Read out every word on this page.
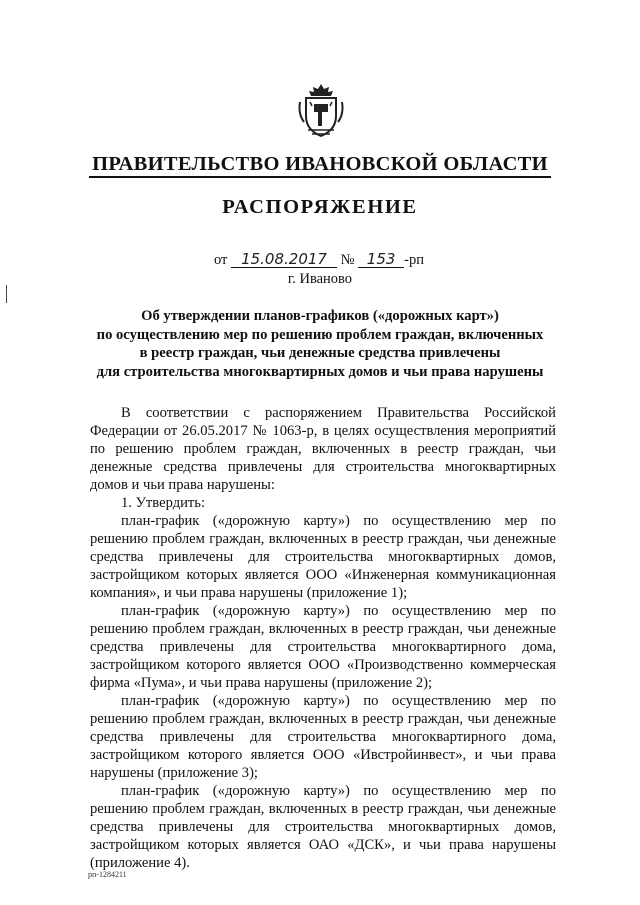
ПРАВИТЕЛЬСТВО ИВАНОВСКОЙ ОБЛАСТИ
РАСПОРЯЖЕНИЕ
от 15.08.2017 № 153 -рп
г. Иваново
Об утверждении планов-графиков («дорожных карт»)
по осуществлению мер по решению проблем граждан, включенных
в реестр граждан, чьи денежные средства привлечены
для строительства многоквартирных домов и чьи права нарушены
В соответствии с распоряжением Правительства Российской
Федерации от 26.05.2017 № 1063-р, в целях осуществления мероприятий
по решению проблем граждан, включенных в реестр граждан, чьи
денежные средства привлечены для строительства многоквартирных
домов и чьи права нарушены:
1. Утвердить:
план-график («дорожную карту») по осуществлению мер по
решению проблем граждан, включенных в реестр граждан, чьи денежные
средства привлечены для строительства многоквартирных домов,
застройщиком которых является ООО «Инженерная коммуникационная
компания», и чьи права нарушены (приложение 1);
план-график («дорожную карту») по осуществлению мер по
решению проблем граждан, включенных в реестр граждан, чьи денежные
средства привлечены для строительства многоквартирного дома,
застройщиком которого является ООО «Производственно коммерческая
фирма «Пума», и чьи права нарушены (приложение 2);
план-график («дорожную карту») по осуществлению мер по
решению проблем граждан, включенных в реестр граждан, чьи денежные
средства привлечены для строительства многоквартирного дома,
застройщиком которого является ООО «Ивстройинвест», и чьи права
нарушены (приложение 3);
план-график («дорожную карту») по осуществлению мер по
решению проблем граждан, включенных в реестр граждан, чьи денежные
средства привлечены для строительства многоквартирных домов,
застройщиком которых является ОАО «ДСК», и чьи права нарушены
(приложение 4).
рп-1284211
